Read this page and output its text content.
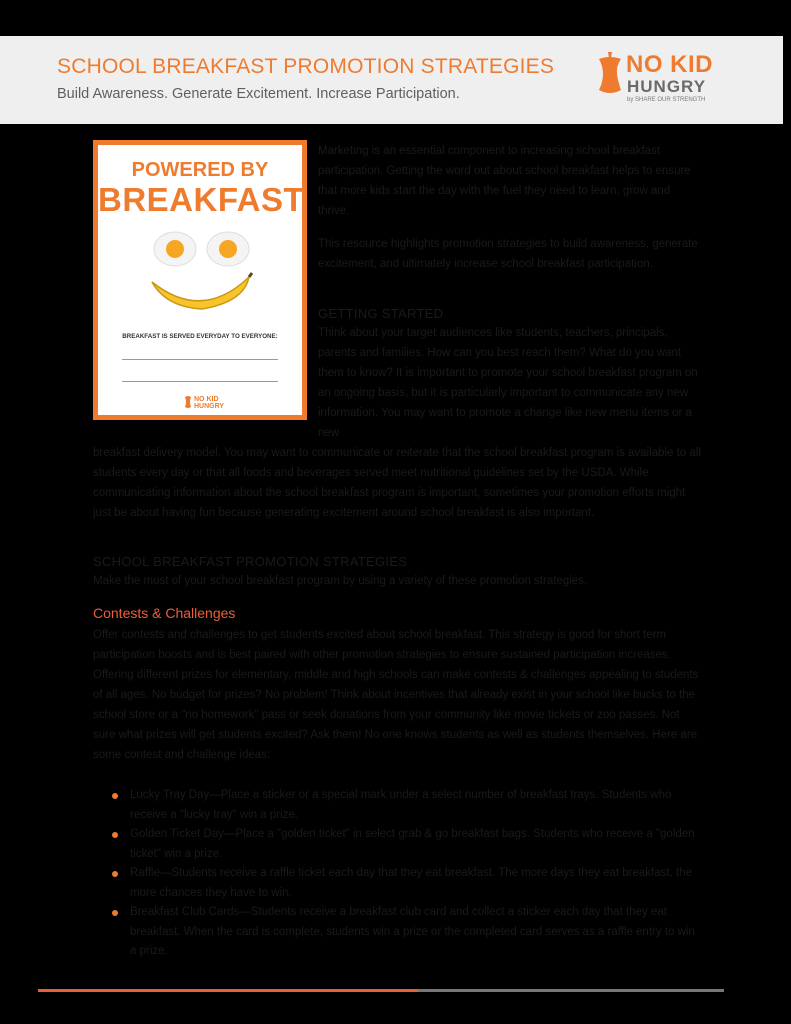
SCHOOL BREAKFAST PROMOTION STRATEGIES
Build Awareness. Generate Excitement. Increase Participation.
NO KID
HUNGRY
by SHARE OUR STRENGTH
POWERED BY
BREAKFAST
BREAKFAST IS SERVED EVERYDAY TO EVERYONE:
NO KID HUNGRY
Marketing is an essential component to increasing school breakfast participation. Getting the word out about school breakfast helps to ensure that more kids start the day with the fuel they need to learn, grow and thrive.
This resource highlights promotion strategies to build awareness, generate excitement, and ultimately increase school breakfast participation.
GETTING STARTED
Think about your target audiences like students, teachers, principals, parents and families. How can you best reach them? What do you want them to know? It is important to promote your school breakfast program on an ongoing basis, but it is particularly important to communicate any new information. You may want to promote a change like new menu items or a new
breakfast delivery model. You may want to communicate or reiterate that the school breakfast program is available to all students every day or that all foods and beverages served meet nutritional guidelines set by the USDA. While communicating information about the school breakfast program is important, sometimes your promotion efforts might just be about having fun because generating excitement around school breakfast is also important.
SCHOOL BREAKFAST PROMOTION STRATEGIES
Make the most of your school breakfast program by using a variety of these promotion strategies.
Contests & Challenges
Offer contests and challenges to get students excited about school breakfast. This strategy is good for short term participation boosts and is best paired with other promotion strategies to ensure sustained participation increases. Offering different prizes for elementary, middle and high schools can make contests & challenges appealing to students of all ages. No budget for prizes? No problem! Think about incentives that already exist in your school like bucks to the school store or a "no homework" pass or seek donations from your community like movie tickets or zoo passes. Not sure what prizes will get students excited? Ask them! No one knows students as well as students themselves. Here are some contest and challenge ideas:
Lucky Tray Day—Place a sticker or a special mark under a select number of breakfast trays. Students who receive a "lucky tray" win a prize.
Golden Ticket Day—Place a "golden ticket" in select grab & go breakfast bags. Students who receive a "golden ticket" win a prize.
Raffle—Students receive a raffle ticket each day that they eat breakfast. The more days they eat breakfast, the more chances they have to win.
Breakfast Club Cards—Students receive a breakfast club card and collect a sticker each day that they eat breakfast. When the card is complete, students win a prize or the completed card serves as a raffle entry to win a prize.
